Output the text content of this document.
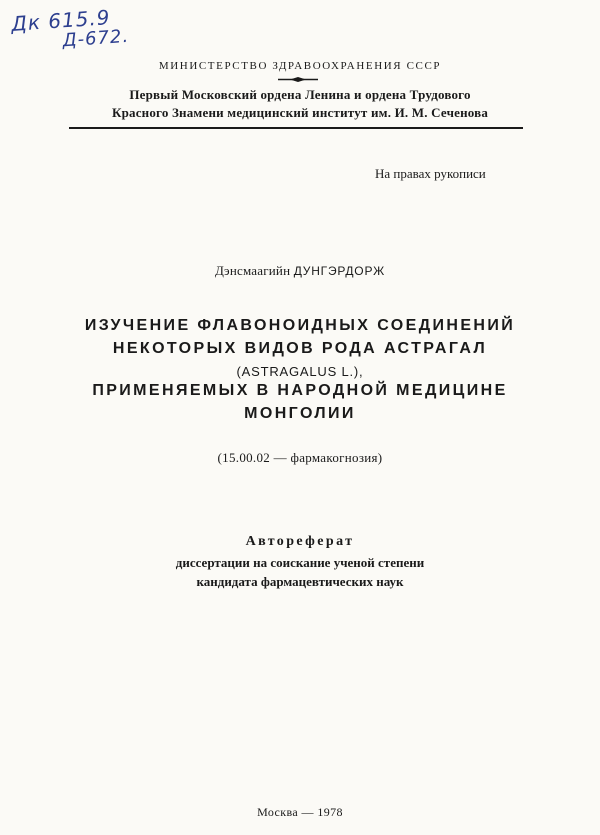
Дк 615.9
Д-672.
МИНИСТЕРСТВО ЗДРАВООХРАНЕНИЯ СССР
Первый Московский ордена Ленина и ордена Трудового
Красного Знамени медицинский институт им. И. М. Сеченова
На правах рукописи
Дэнсмаагийн ДУНГЭРДОРЖ
ИЗУЧЕНИЕ ФЛАВОНОИДНЫХ СОЕДИНЕНИЙ
НЕКОТОРЫХ ВИДОВ РОДА АСТРАГАЛ
(ASTRAGALUS L.),
ПРИМЕНЯЕМЫХ В НАРОДНОЙ МЕДИЦИНЕ
МОНГОЛИИ
(15.00.02 — фармакогнозия)
Автореферат
диссертации на соискание ученой степени
кандидата фармацевтических наук
Москва — 1978
